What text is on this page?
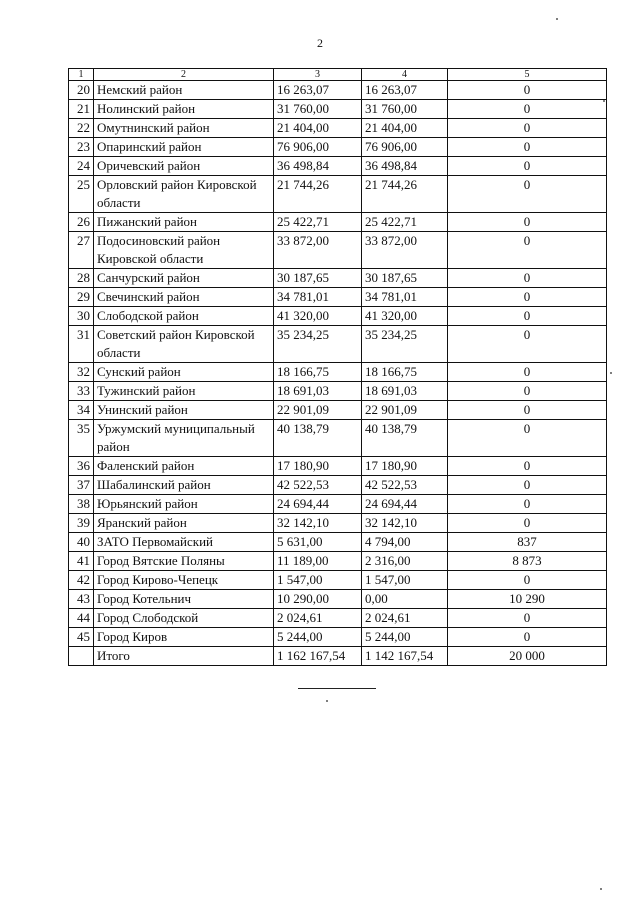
2
1	2	3	4	5
20	Немский район	16 263,07	16 263,07	0
21	Нолинский район	31 760,00	31 760,00	0
22	Омутнинский район	21 404,00	21 404,00	0
23	Опаринский район	76 906,00	76 906,00	0
24	Оричевский район	36 498,84	36 498,84	0
25	Орловский район Кировской области	21 744,26	21 744,26	0
26	Пижанский район	25 422,71	25 422,71	0
27	Подосиновский район Кировской области	33 872,00	33 872,00	0
28	Санчурский район	30 187,65	30 187,65	0
29	Свечинский район	34 781,01	34 781,01	0
30	Слободской район	41 320,00	41 320,00	0
31	Советский район Кировской области	35 234,25	35 234,25	0
32	Сунский район	18 166,75	18 166,75	0
33	Тужинский район	18 691,03	18 691,03	0
34	Унинский район	22 901,09	22 901,09	0
35	Уржумский муниципальный район	40 138,79	40 138,79	0
36	Фаленский район	17 180,90	17 180,90	0
37	Шабалинский район	42 522,53	42 522,53	0
38	Юрьянский район	24 694,44	24 694,44	0
39	Яранский район	32 142,10	32 142,10	0
40	ЗАТО Первомайский	5 631,00	4 794,00	837
41	Город Вятские Поляны	11 189,00	2 316,00	8 873
42	Город Кирово-Чепецк	1 547,00	1 547,00	0
43	Город Котельнич	10 290,00	0,00	10 290
44	Город Слободской	2 024,61	2 024,61	0
45	Город Киров	5 244,00	5 244,00	0
	Итого	1 162 167,54	1 142 167,54	20 000
